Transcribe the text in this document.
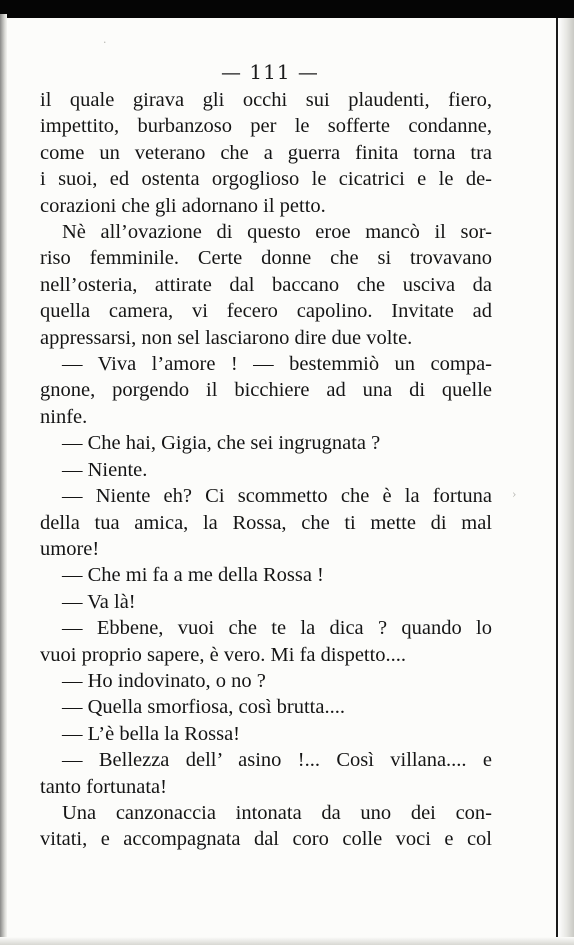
·
›
— 111 —
il quale girava gli occhi sui plaudenti, fiero,
impettito, burbanzoso per le sofferte condanne,
come un veterano che a guerra finita torna tra
i suoi, ed ostenta orgoglioso le cicatrici e le de-
corazioni che gli adornano il petto.
Nè all’ovazione di questo eroe mancò il sor-
riso femminile. Certe donne che si trovavano
nell’osteria, attirate dal baccano che usciva da
quella camera, vi fecero capolino. Invitate ad
appressarsi, non sel lasciarono dire due volte.
— Viva l’amore ! — bestemmiò un compa-
gnone, porgendo il bicchiere ad una di quelle
ninfe.
— Che hai, Gigia, che sei ingrugnata ?
— Niente.
— Niente eh? Ci scommetto che è la fortuna
della tua amica, la Rossa, che ti mette di mal
umore!
— Che mi fa a me della Rossa !
— Va là!
— Ebbene, vuoi che te la dica ? quando lo
vuoi proprio sapere, è vero. Mi fa dispetto....
— Ho indovinato, o no ?
— Quella smorfiosa, così brutta....
— L’è bella la Rossa!
— Bellezza dell’ asino !... Così villana.... e
tanto fortunata!
Una canzonaccia intonata da uno dei con-
vitati, e accompagnata dal coro colle voci e col
